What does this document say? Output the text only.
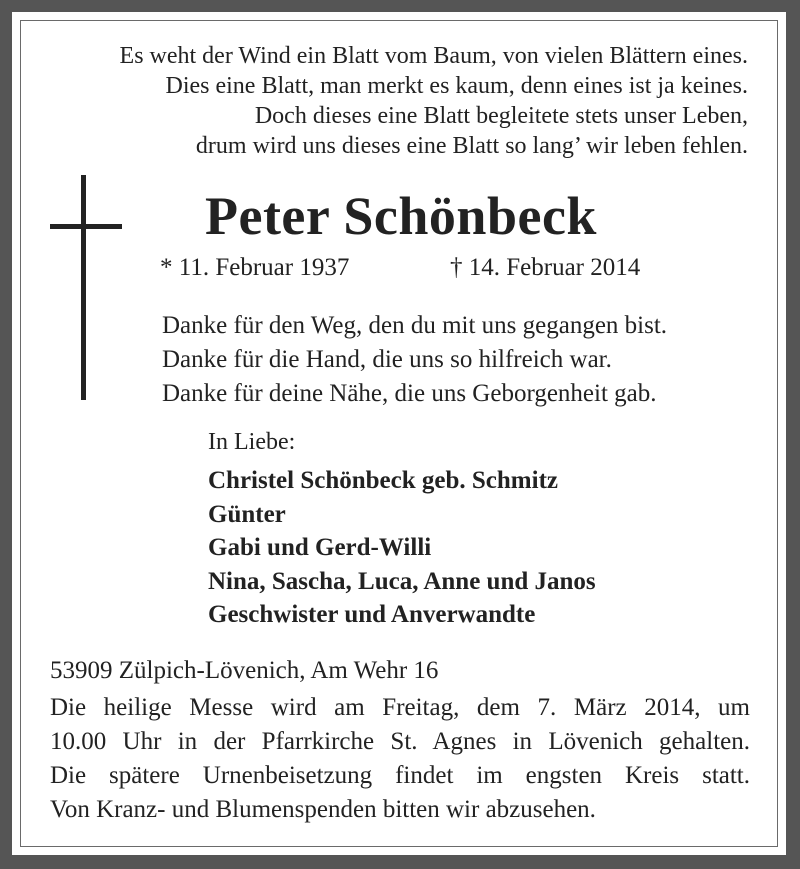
Es weht der Wind ein Blatt vom Baum, von vielen Blättern eines.
Dies eine Blatt, man merkt es kaum, denn eines ist ja keines.
Doch dieses eine Blatt begleitete stets unser Leben,
drum wird uns dieses eine Blatt so lang’ wir leben fehlen.
Peter Schönbeck
* 11. Februar 1937	† 14. Februar 2014
Danke für den Weg, den du mit uns gegangen bist.
Danke für die Hand, die uns so hilfreich war.
Danke für deine Nähe, die uns Geborgenheit gab.
In Liebe:
Christel Schönbeck geb. Schmitz
Günter
Gabi und Gerd-Willi
Nina, Sascha, Luca, Anne und Janos
Geschwister und Anverwandte
53909 Zülpich-Lövenich, Am Wehr 16
Die heilige Messe wird am Freitag, dem 7. März 2014, um
10.00 Uhr in der Pfarrkirche St. Agnes in Lövenich gehalten.
Die spätere Urnenbeisetzung findet im engsten Kreis statt.
Von Kranz- und Blumenspenden bitten wir abzusehen.
